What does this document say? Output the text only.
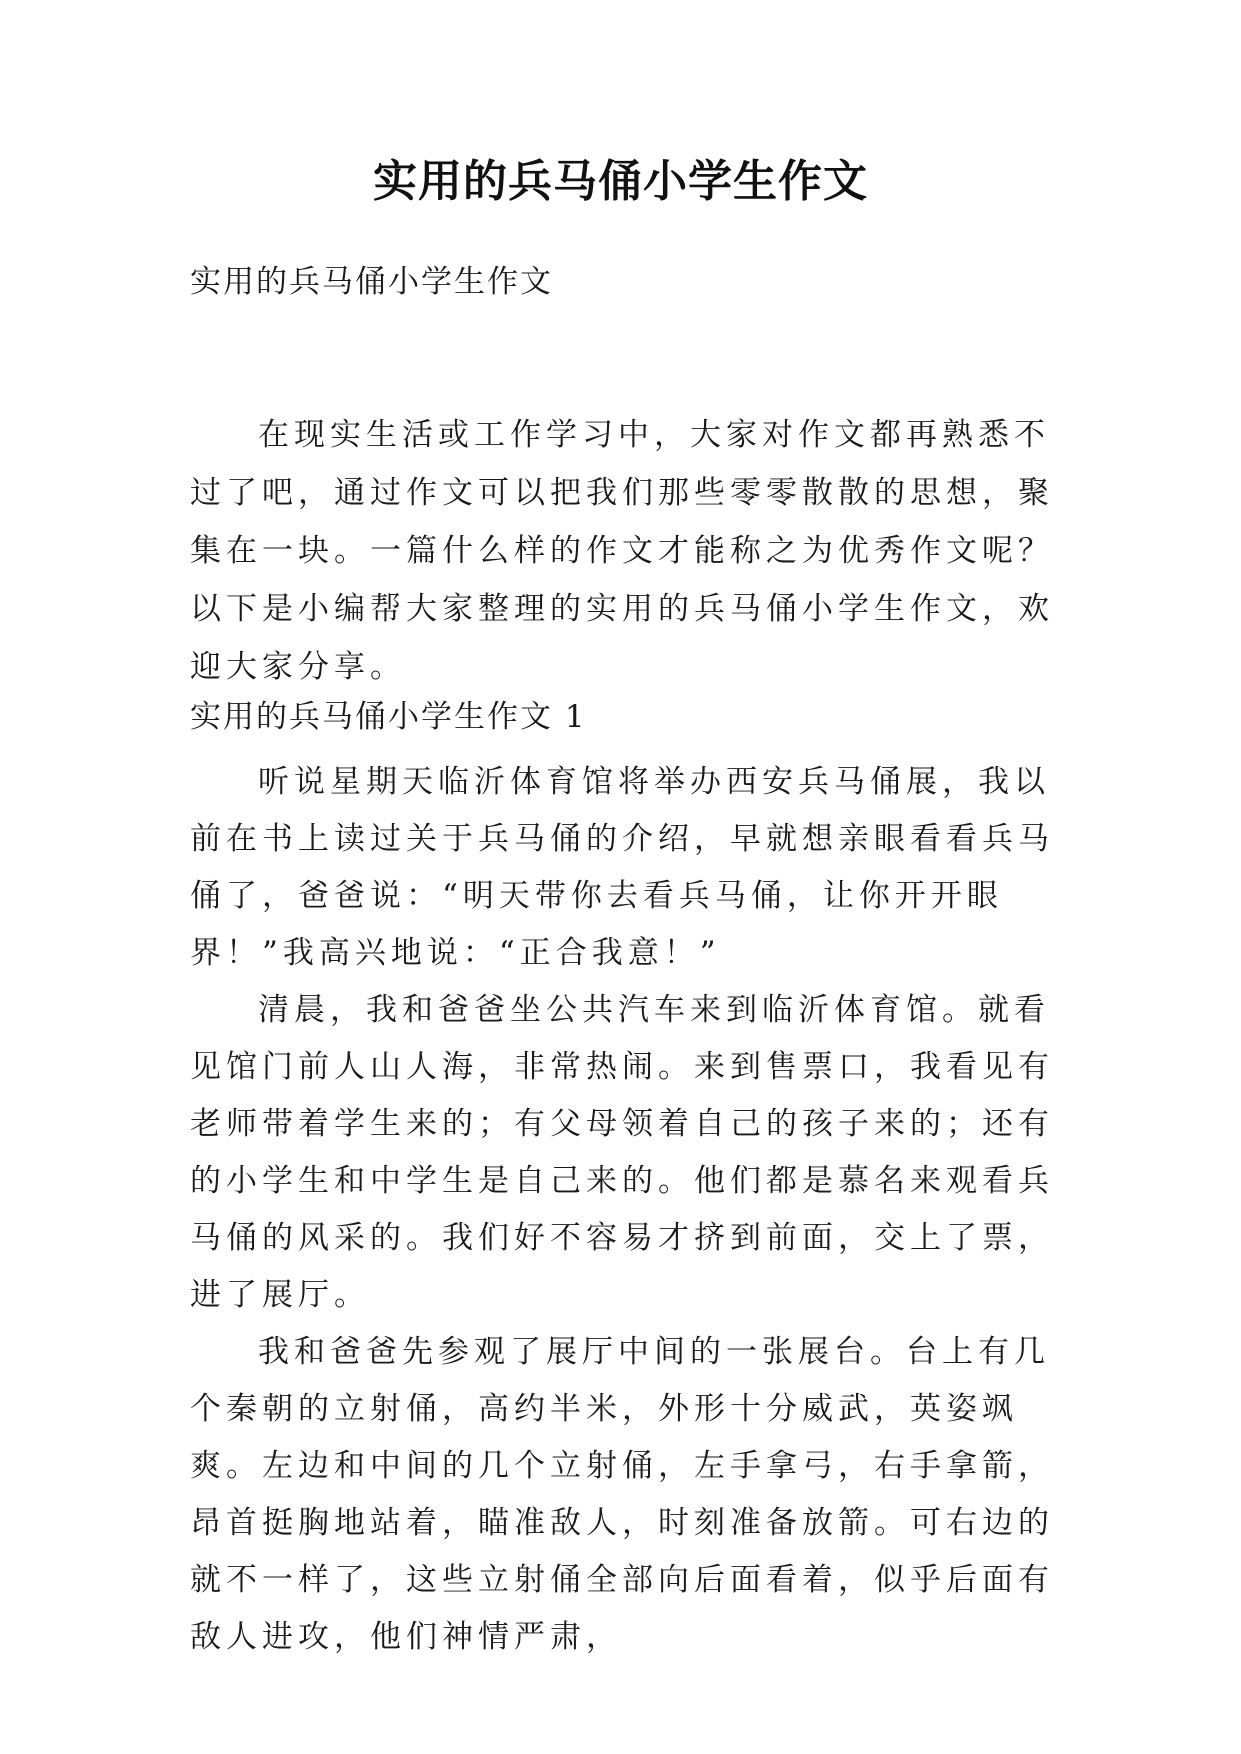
实用的兵马俑小学生作文
实用的兵马俑小学生作文

在现实生活或工作学习中，大家对作文都再熟悉不过了吧，通过作文可以把我们那些零零散散的思想，聚集在一块。一篇什么样的作文才能称之为优秀作文呢？以下是小编帮大家整理的实用的兵马俑小学生作文，欢迎大家分享。

实用的兵马俑小学生作文 1

听说星期天临沂体育馆将举办西安兵马俑展，我以前在书上读过关于兵马俑的介绍，早就想亲眼看看兵马俑了，爸爸说：“明天带你去看兵马俑，让你开开眼界！”我高兴地说：“正合我意！”

清晨，我和爸爸坐公共汽车来到临沂体育馆。就看见馆门前人山人海，非常热闹。来到售票口，我看见有老师带着学生来的；有父母领着自己的孩子来的；还有的小学生和中学生是自己来的。他们都是慕名来观看兵马俑的风采的。我们好不容易才挤到前面，交上了票，进了展厅。

我和爸爸先参观了展厅中间的一张展台。台上有几个秦朝的立射俑，高约半米，外形十分威武，英姿飒爽。左边和中间的几个立射俑，左手拿弓，右手拿箭，昂首挺胸地站着，瞄准敌人，时刻准备放箭。可右边的就不一样了，这些立射俑全部向后面看着，似乎后面有敌人进攻，他们神情严肃，
